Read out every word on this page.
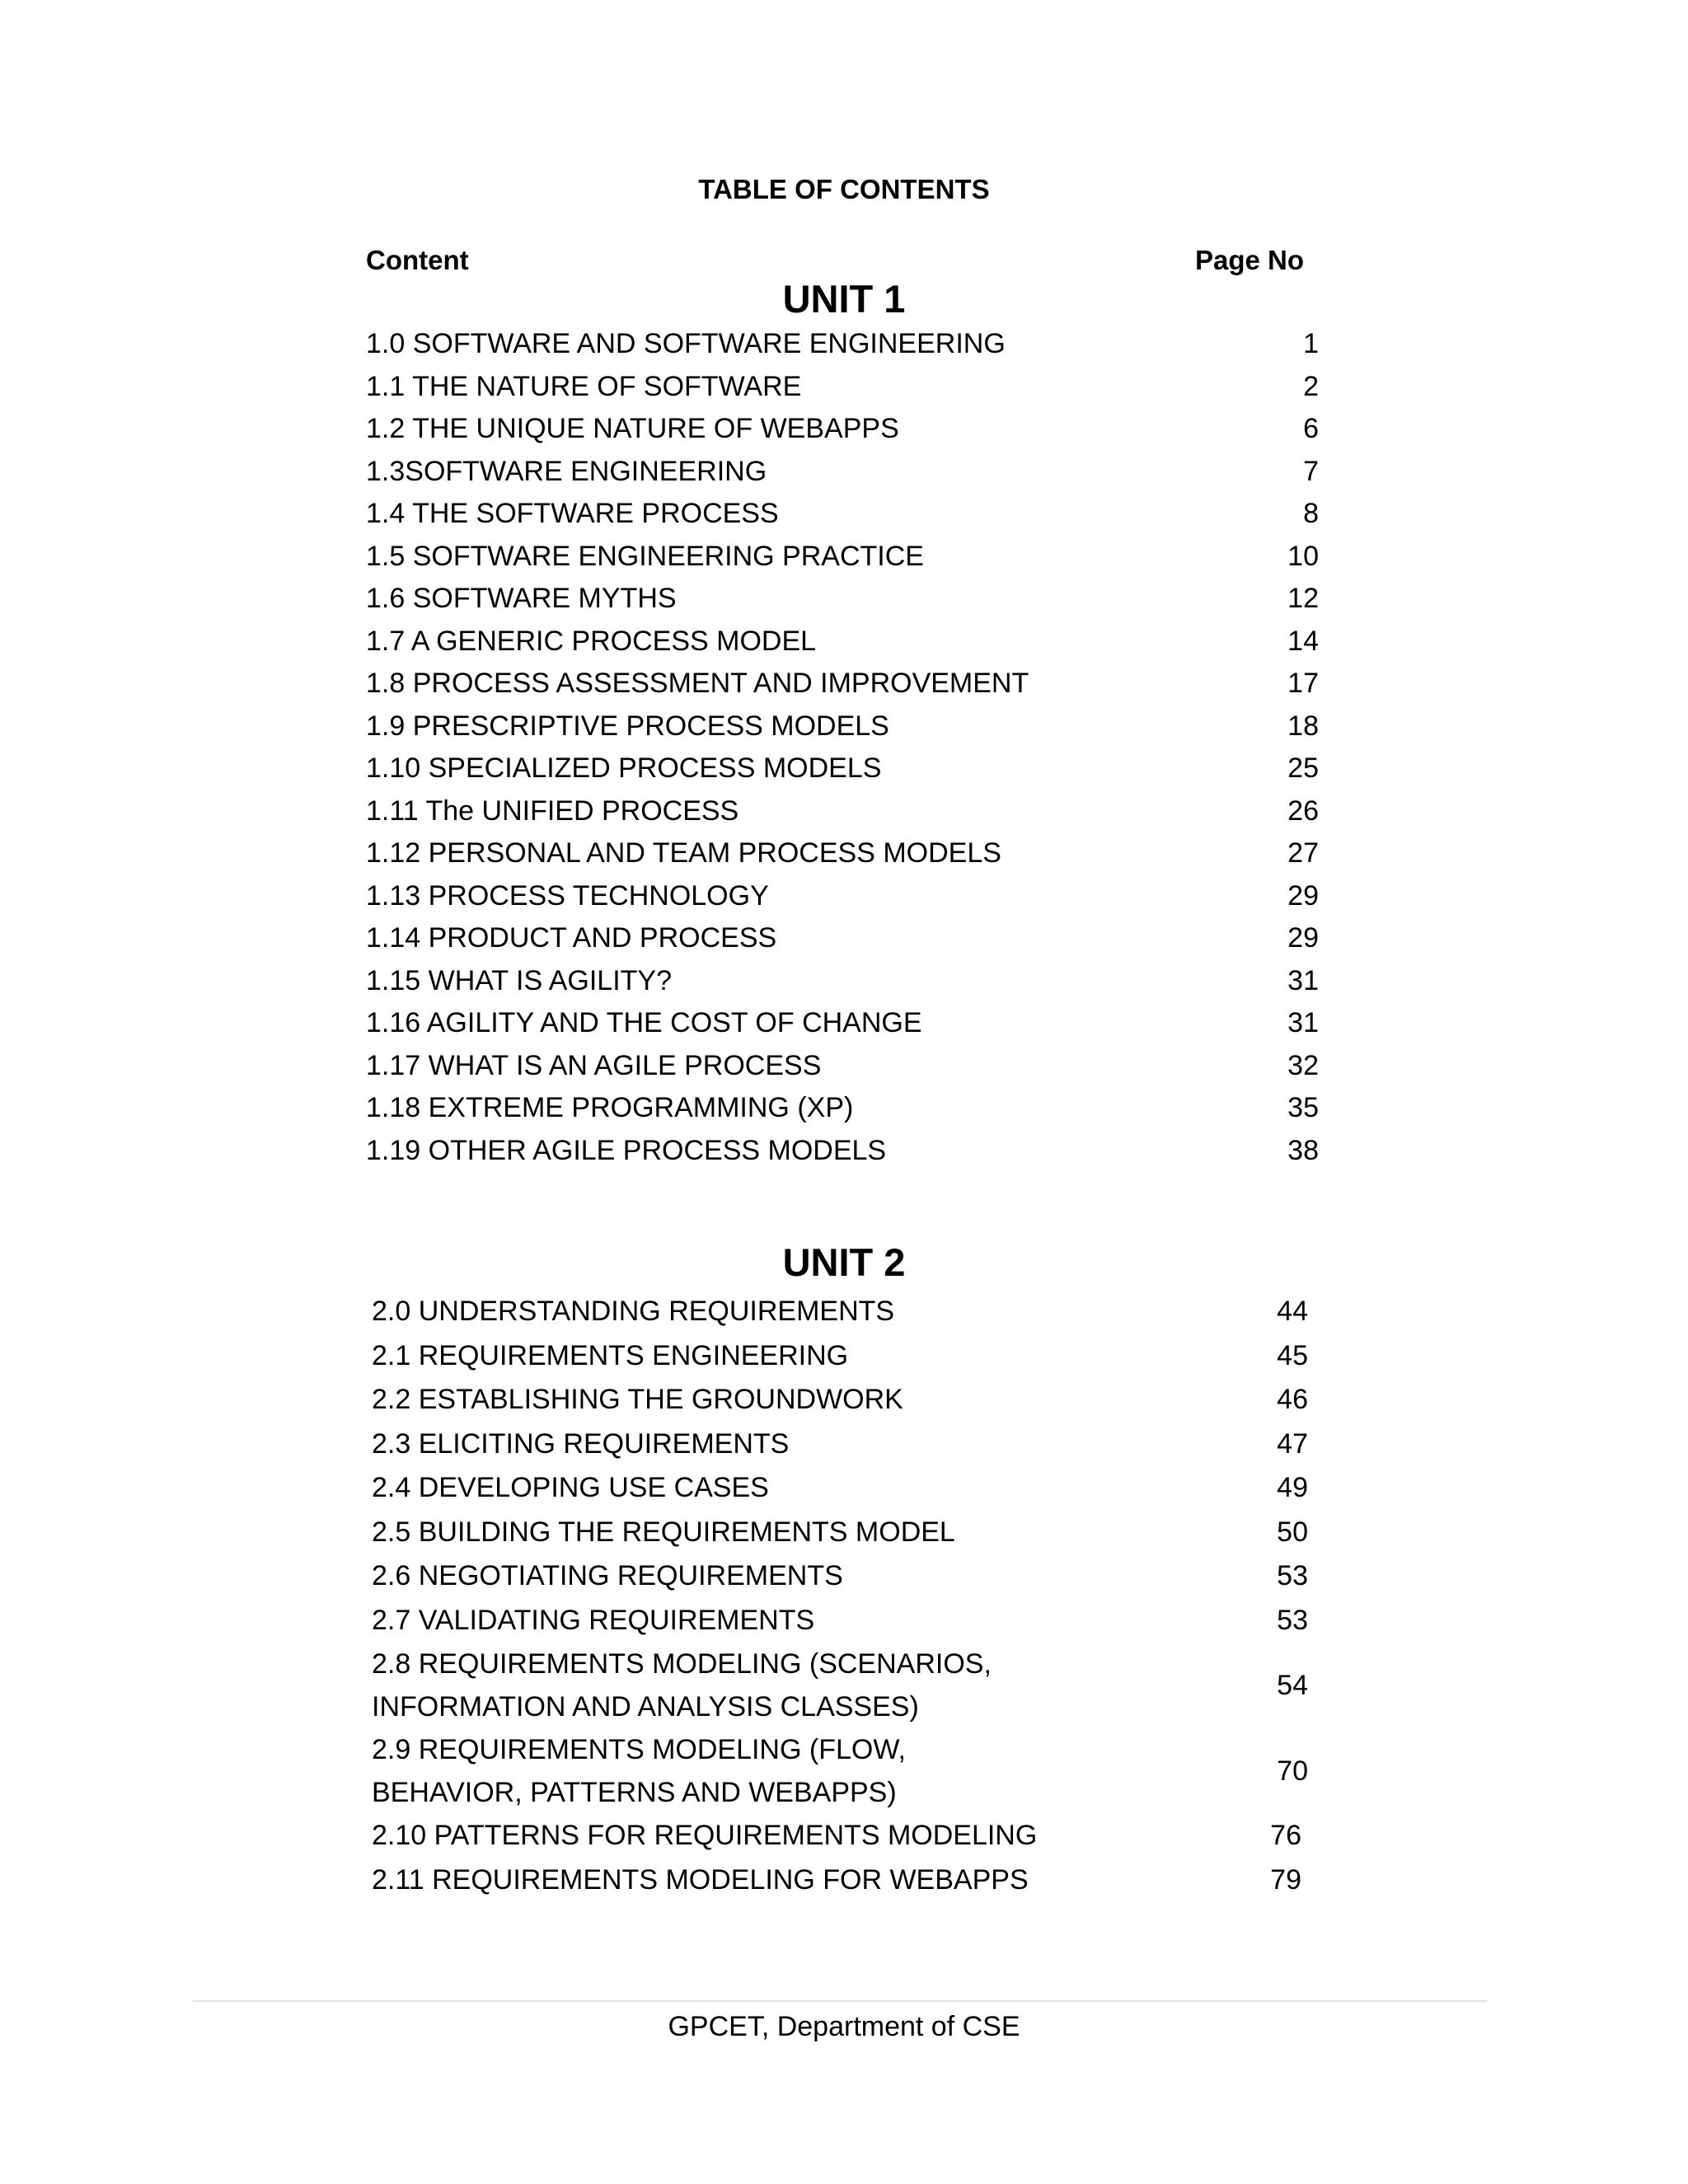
TABLE OF CONTENTS
Content	Page No
UNIT 1
1.0 SOFTWARE AND SOFTWARE ENGINEERING	1
1.1 THE NATURE OF SOFTWARE	2
1.2 THE UNIQUE NATURE OF WEBAPPS	6
1.3SOFTWARE ENGINEERING	7
1.4 THE SOFTWARE PROCESS	8
1.5 SOFTWARE ENGINEERING PRACTICE	10
1.6 SOFTWARE MYTHS	12
1.7 A GENERIC PROCESS MODEL	14
1.8 PROCESS ASSESSMENT AND IMPROVEMENT	17
1.9 PRESCRIPTIVE PROCESS MODELS	18
1.10 SPECIALIZED PROCESS MODELS	25
1.11 The UNIFIED PROCESS	26
1.12 PERSONAL AND TEAM PROCESS MODELS	27
1.13 PROCESS TECHNOLOGY	29
1.14 PRODUCT AND PROCESS	29
1.15 WHAT IS AGILITY?	31
1.16 AGILITY AND THE COST OF CHANGE	31
1.17 WHAT IS AN AGILE PROCESS	32
1.18 EXTREME PROGRAMMING (XP)	35
1.19 OTHER AGILE PROCESS MODELS	38
UNIT 2
2.0 UNDERSTANDING REQUIREMENTS	44
2.1 REQUIREMENTS ENGINEERING	45
2.2 ESTABLISHING THE GROUNDWORK	46
2.3 ELICITING REQUIREMENTS	47
2.4 DEVELOPING USE CASES	49
2.5 BUILDING THE REQUIREMENTS MODEL	50
2.6 NEGOTIATING REQUIREMENTS	53
2.7 VALIDATING REQUIREMENTS	53
2.8 REQUIREMENTS MODELING (SCENARIOS, INFORMATION AND ANALYSIS CLASSES)
54
2.9 REQUIREMENTS MODELING (FLOW, BEHAVIOR, PATTERNS AND WEBAPPS)
70
2.10 PATTERNS FOR REQUIREMENTS MODELING	76
2.11 REQUIREMENTS MODELING FOR WEBAPPS	79
GPCET, Department of CSE
